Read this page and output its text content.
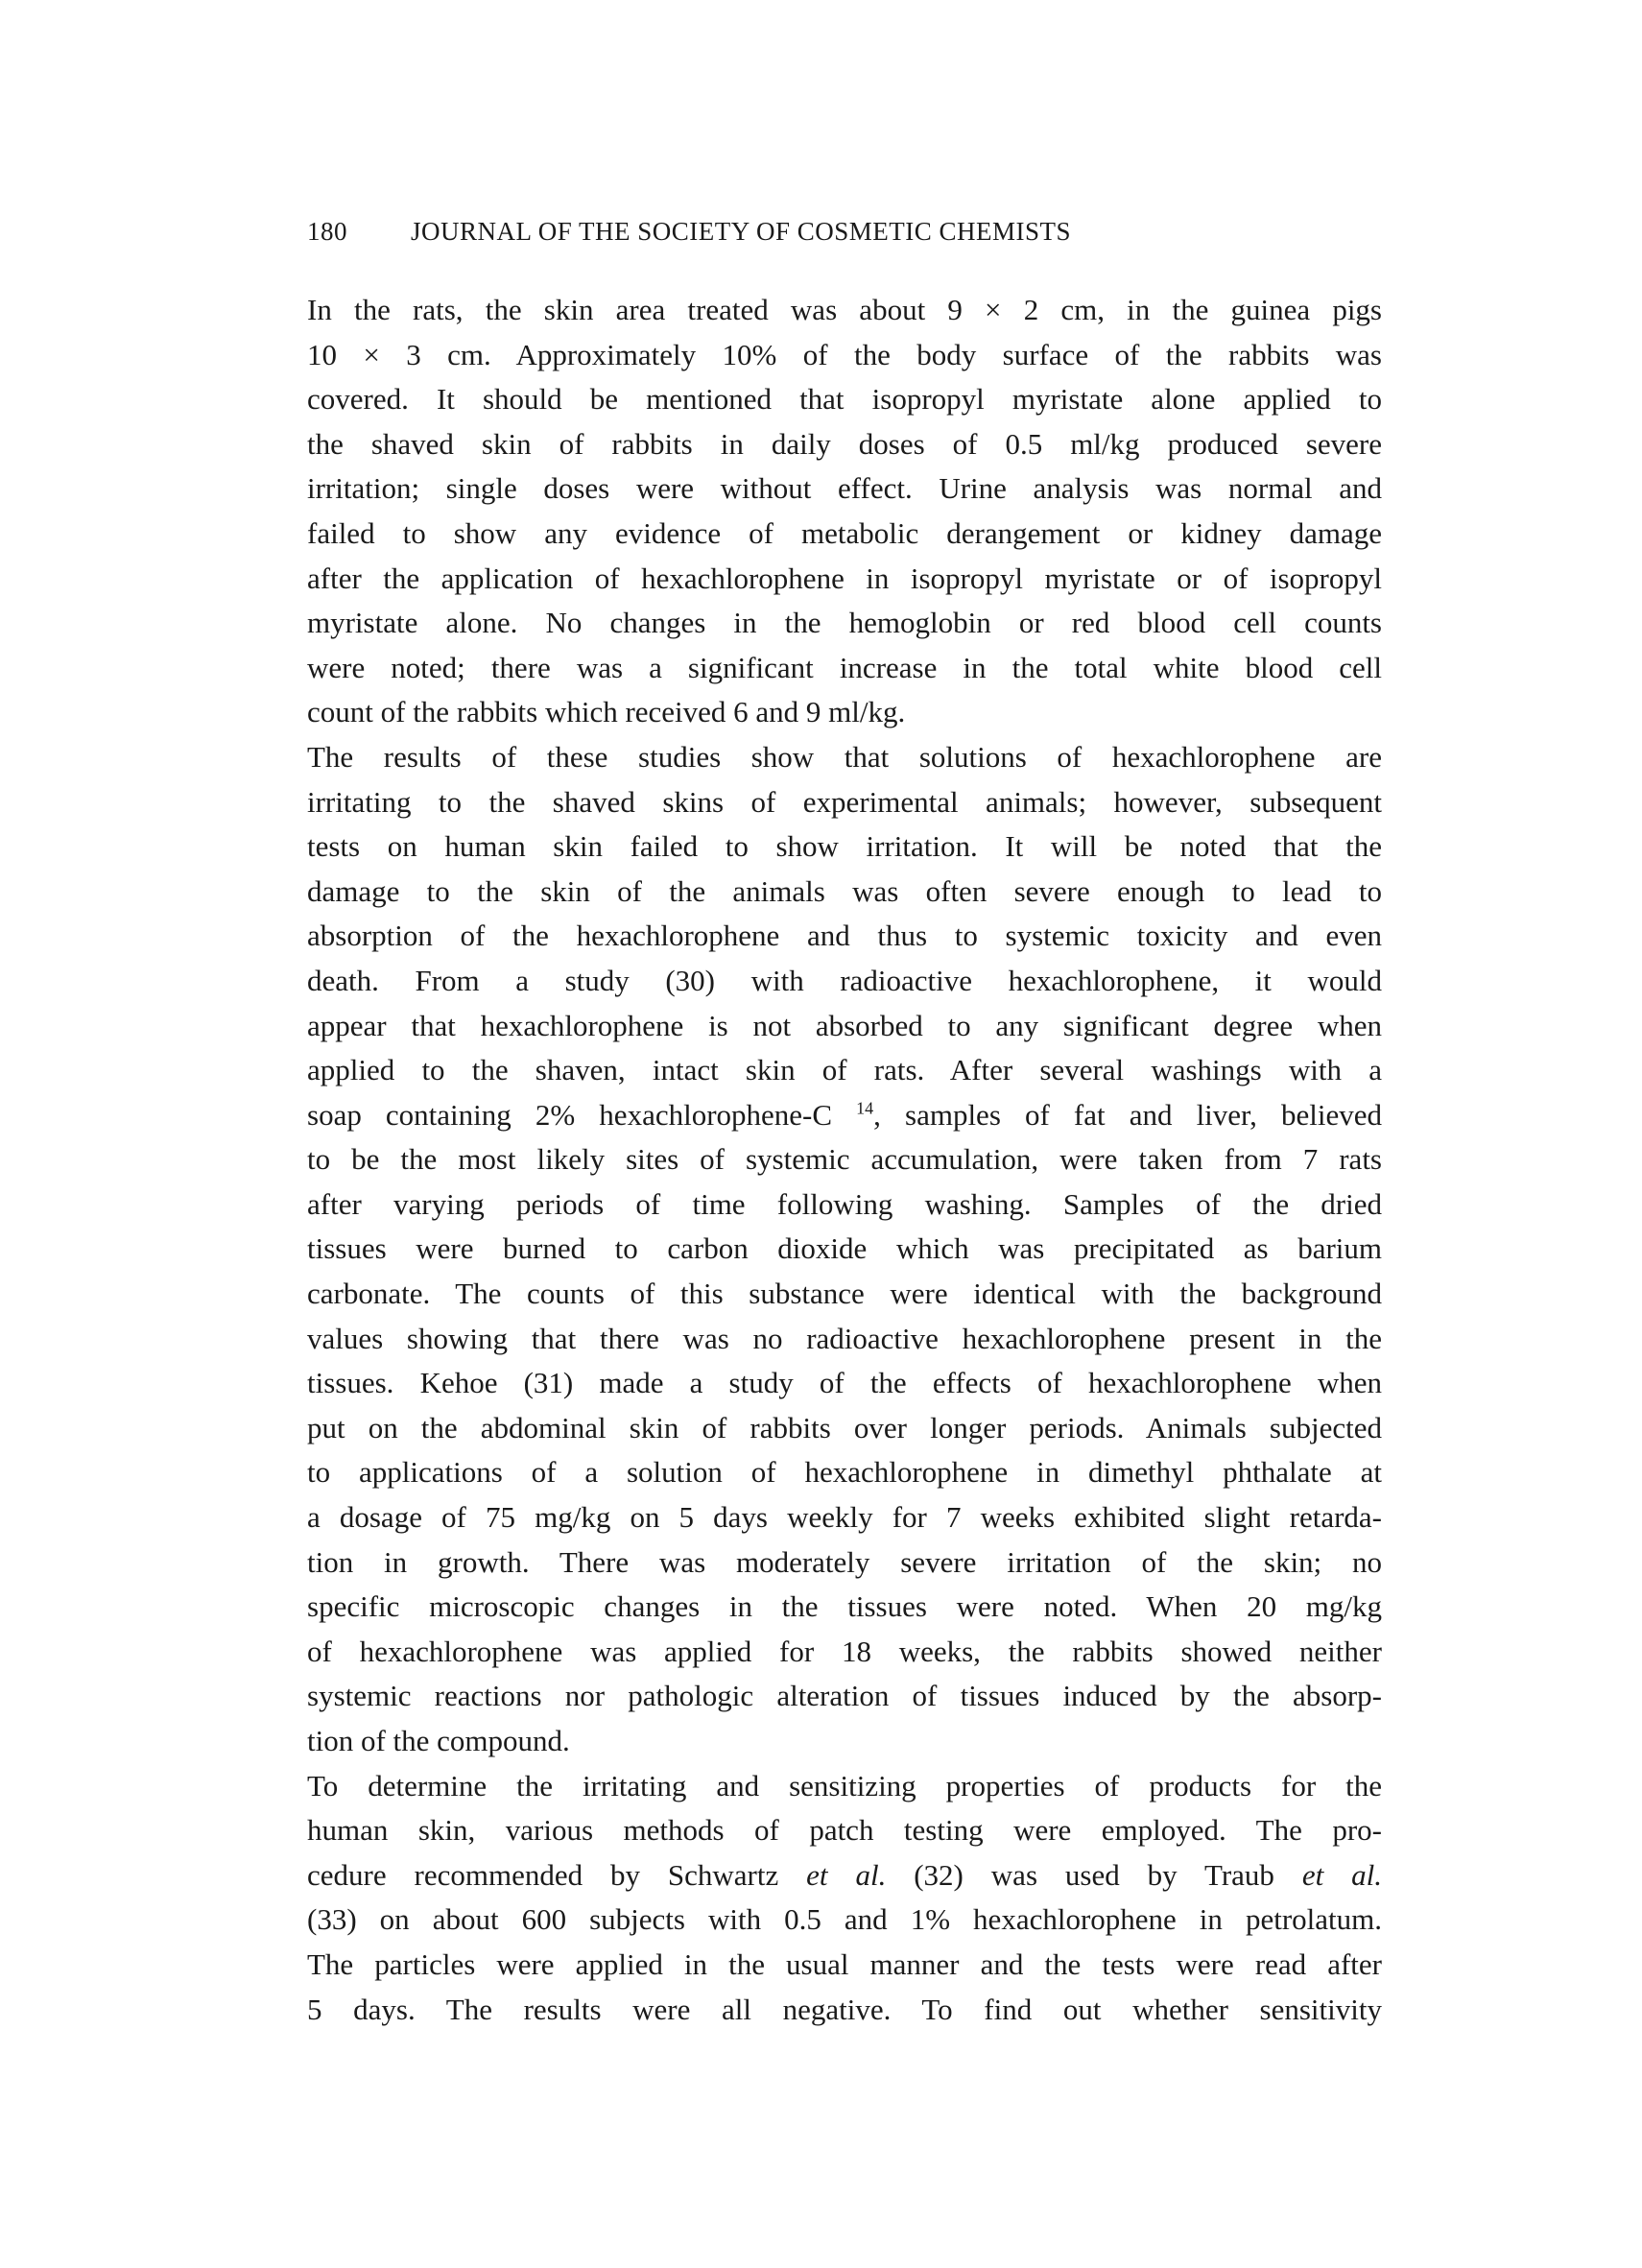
180 JOURNAL OF THE SOCIETY OF COSMETIC CHEMISTS
In the rats, the skin area treated was about 9 × 2 cm, in the guinea pigs
10 × 3 cm. Approximately 10% of the body surface of the rabbits was
covered. It should be mentioned that isopropyl myristate alone applied to
the shaved skin of rabbits in daily doses of 0.5 ml/kg produced severe
irritation; single doses were without effect. Urine analysis was normal and
failed to show any evidence of metabolic derangement or kidney damage
after the application of hexachlorophene in isopropyl myristate or of isopropyl
myristate alone. No changes in the hemoglobin or red blood cell counts
were noted; there was a significant increase in the total white blood cell
count of the rabbits which received 6 and 9 ml/kg.
The results of these studies show that solutions of hexachlorophene are
irritating to the shaved skins of experimental animals; however, subsequent
tests on human skin failed to show irritation. It will be noted that the
damage to the skin of the animals was often severe enough to lead to
absorption of the hexachlorophene and thus to systemic toxicity and even
death. From a study (30) with radioactive hexachlorophene, it would
appear that hexachlorophene is not absorbed to any significant degree when
applied to the shaven, intact skin of rats. After several washings with a
soap containing 2% hexachlorophene-C $^{14}$, samples of fat and liver, believed
to be the most likely sites of systemic accumulation, were taken from 7 rats
after varying periods of time following washing. Samples of the dried
tissues were burned to carbon dioxide which was precipitated as barium
carbonate. The counts of this substance were identical with the background
values showing that there was no radioactive hexachlorophene present in the
tissues. Kehoe (31) made a study of the effects of hexachlorophene when
put on the abdominal skin of rabbits over longer periods. Animals subjected
to applications of a solution of hexachlorophene in dimethyl phthalate at
a dosage of 75 mg/kg on 5 days weekly for 7 weeks exhibited slight retarda-
tion in growth. There was moderately severe irritation of the skin; no
specific microscopic changes in the tissues were noted. When 20 mg/kg
of hexachlorophene was applied for 18 weeks, the rabbits showed neither
systemic reactions nor pathologic alteration of tissues induced by the absorp-
tion of the compound.
To determine the irritating and sensitizing properties of products for the
human skin, various methods of patch testing were employed. The pro-
cedure recommended by Schwartz et al. (32) was used by Traub et al.
(33) on about 600 subjects with 0.5 and 1% hexachlorophene in petrolatum.
The particles were applied in the usual manner and the tests were read after
5 days. The results were all negative. To find out whether sensitivity
